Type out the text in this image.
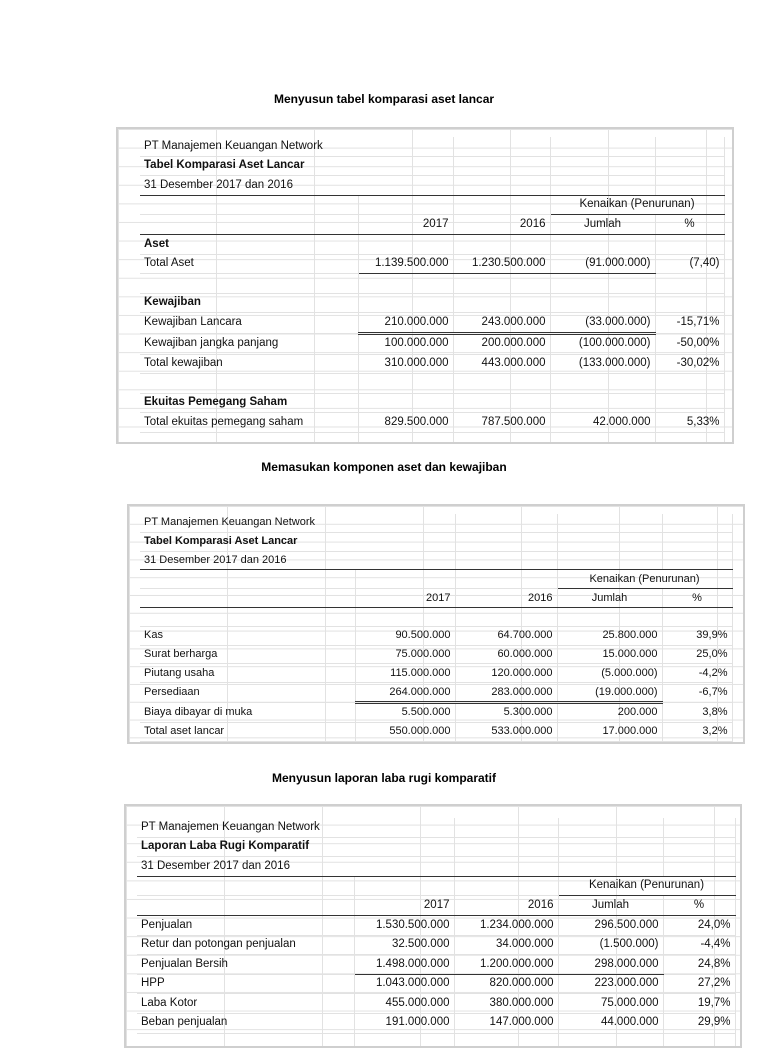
Menyusun tabel komparasi aset lancar
PT Manajemen Keuangan Network				
Tabel Komparasi Aset Lancar				
31 Desember 2017 dan 2016				
			Kenaikan (Penurunan)	
	2017	2016	Jumlah	%
Aset				
Total Aset	1.139.500.000	1.230.500.000	(91.000.000)	(7,40)

Kewajiban				
Kewajiban Lancara	210.000.000	243.000.000	(33.000.000)	-15,71%
Kewajiban jangka panjang	100.000.000	200.000.000	(100.000.000)	-50,00%
Total kewajiban	310.000.000	443.000.000	(133.000.000)	-30,02%

Ekuitas Pemegang Saham				
Total ekuitas pemegang saham	829.500.000	787.500.000	42.000.000	5,33%

Memasukan komponen aset dan kewajiban
PT Manajemen Keuangan Network				
Tabel Komparasi Aset Lancar				
31 Desember 2017 dan 2016				
			Kenaikan (Penurunan)	
	2017	2016	Jumlah	%

Kas	90.500.000	64.700.000	25.800.000	39,9%
Surat berharga	75.000.000	60.000.000	15.000.000	25,0%
Piutang usaha	115.000.000	120.000.000	(5.000.000)	-4,2%
Persediaan	264.000.000	283.000.000	(19.000.000)	-6,7%
Biaya dibayar di muka	5.500.000	5.300.000	200.000	3,8%
Total aset lancar	550.000.000	533.000.000	17.000.000	3,2%

Menyusun laporan laba rugi komparatif
PT Manajemen Keuangan Network				
Laporan Laba Rugi Komparatif				
31 Desember 2017 dan 2016				
			Kenaikan (Penurunan)	
	2017	2016	Jumlah	%
Penjualan	1.530.500.000	1.234.000.000	296.500.000	24,0%
Retur dan potongan penjualan	32.500.000	34.000.000	(1.500.000)	-4,4%
Penjualan Bersih	1.498.000.000	1.200.000.000	298.000.000	24,8%
HPP	1.043.000.000	820.000.000	223.000.000	27,2%
Laba Kotor	455.000.000	380.000.000	75.000.000	19,7%
Beban penjualan	191.000.000	147.000.000	44.000.000	29,9%
